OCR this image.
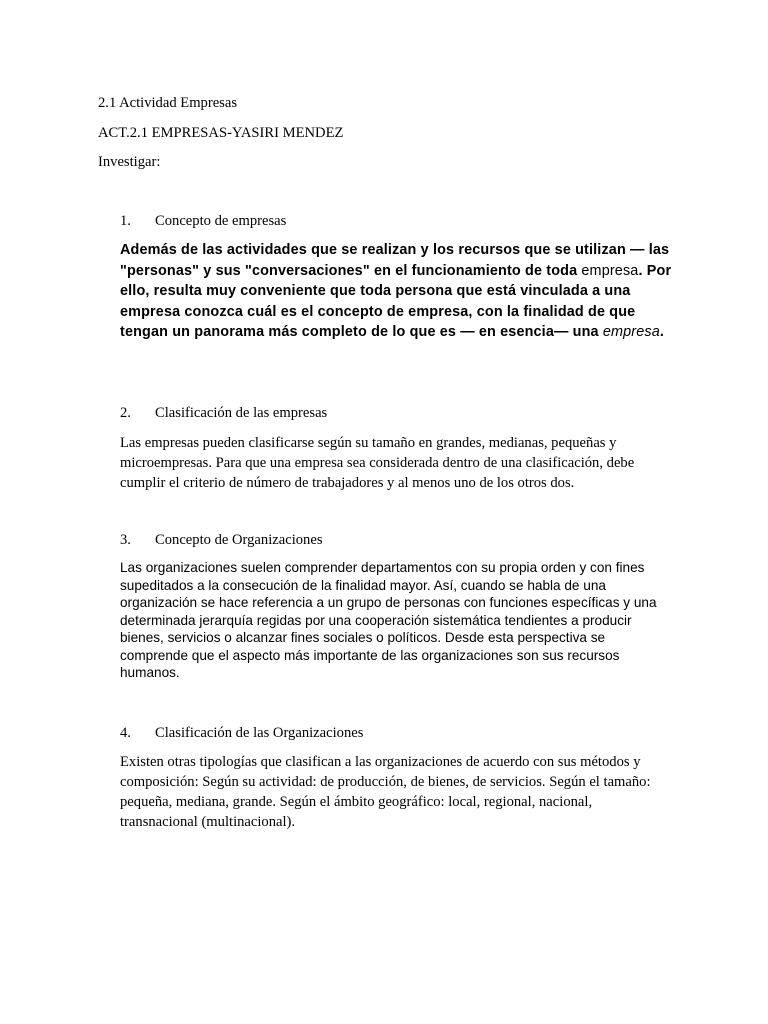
2.1 Actividad Empresas

ACT.2.1 EMPRESAS-YASIRI MENDEZ

Investigar:

1. Concepto de empresas

Además de las actividades que se realizan y los recursos que se utilizan — las "personas" y sus "conversaciones" en el funcionamiento de toda empresa. Por ello, resulta muy conveniente que toda persona que está vinculada a una empresa conozca cuál es el concepto de empresa, con la finalidad de que tengan un panorama más completo de lo que es — en esencia— una empresa.

2. Clasificación de las empresas

Las empresas pueden clasificarse según su tamaño en grandes, medianas, pequeñas y microempresas. Para que una empresa sea considerada dentro de una clasificación, debe cumplir el criterio de número de trabajadores y al menos uno de los otros dos.

3. Concepto de Organizaciones

Las organizaciones suelen comprender departamentos con su propia orden y con fines supeditados a la consecución de la finalidad mayor. Así, cuando se habla de una organización se hace referencia a un grupo de personas con funciones específicas y una determinada jerarquía regidas por una cooperación sistemática tendientes a producir bienes, servicios o alcanzar fines sociales o políticos. Desde esta perspectiva se comprende que el aspecto más importante de las organizaciones son sus recursos humanos.

4. Clasificación de las Organizaciones

Existen otras tipologías que clasifican a las organizaciones de acuerdo con sus métodos y composición: Según su actividad: de producción, de bienes, de servicios. Según el tamaño: pequeña, mediana, grande. Según el ámbito geográfico: local, regional, nacional, transnacional (multinacional).
